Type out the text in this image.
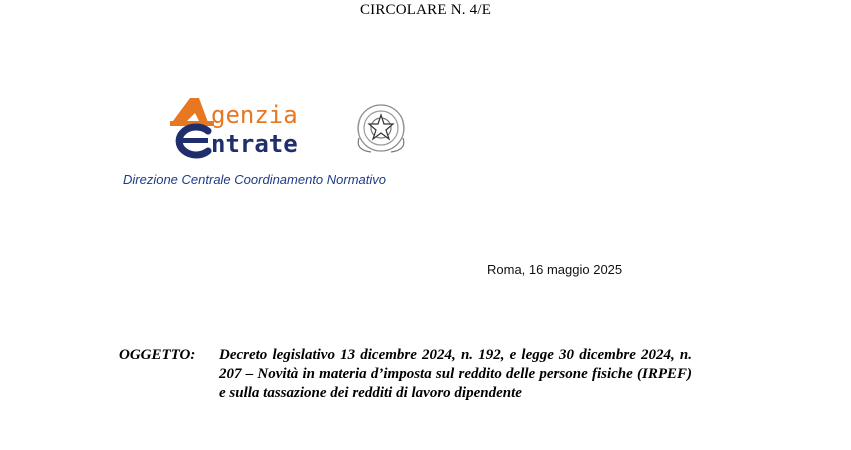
CIRCOLARE N. 4/E
genzia
ntrate
Direzione Centrale Coordinamento Normativo
Roma, 16 maggio 2025
OGGETTO: Decreto legislativo 13 dicembre 2024, n. 192, e legge 30 dicembre 2024, n. 207 – Novità in materia d’imposta sul reddito delle persone fisiche (IRPEF) e sulla tassazione dei redditi di lavoro dipendente
